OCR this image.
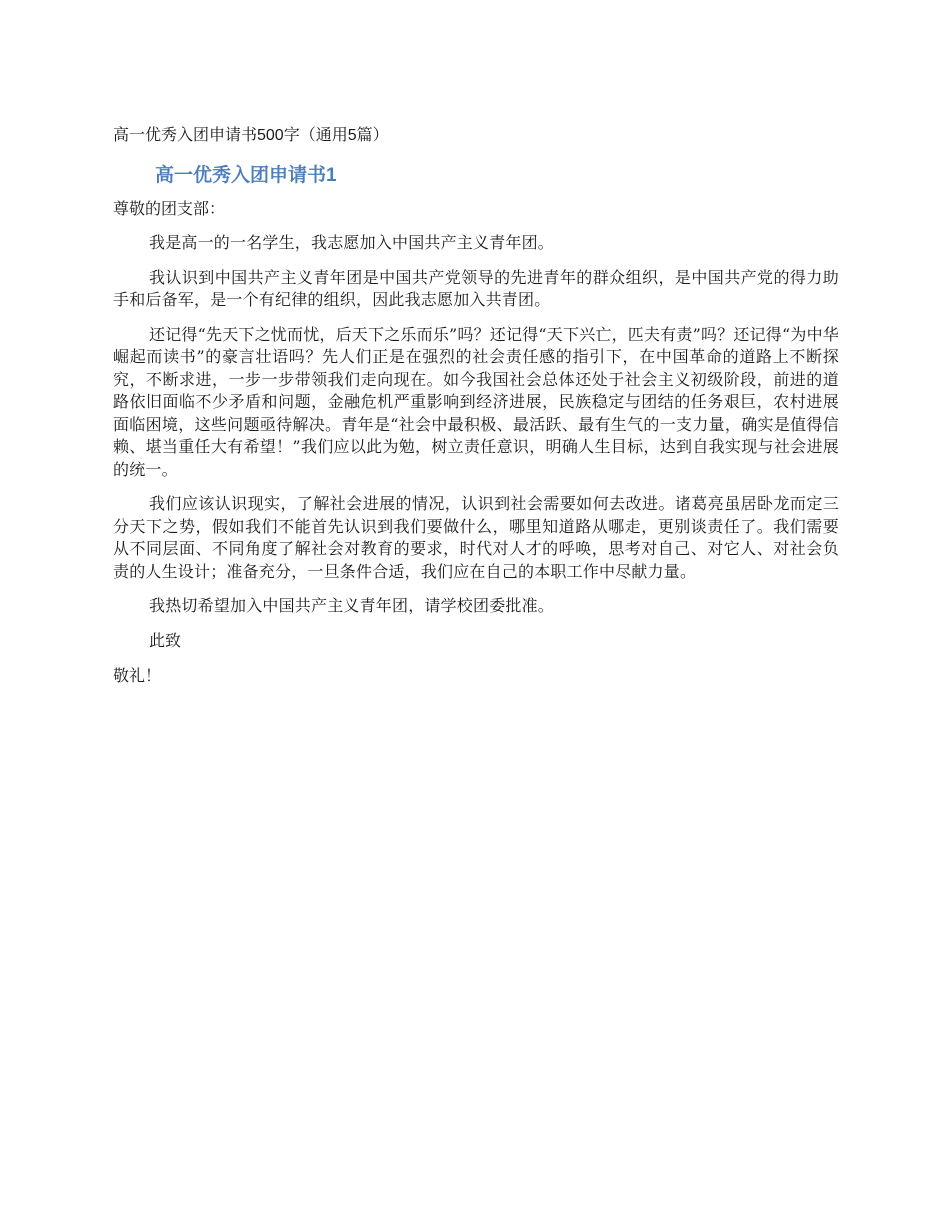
高一优秀入团申请书500字（通用5篇）
高一优秀入团申请书1
尊敬的团支部：

我是高一的一名学生，我志愿加入中国共产主义青年团。

我认识到中国共产主义青年团是中国共产党领导的先进青年的群众组织，是中国共产党的得力助手和后备军，是一个有纪律的组织，因此我志愿加入共青团。

还记得“先天下之忧而忧，后天下之乐而乐”吗？还记得“天下兴亡，匹夫有责”吗？还记得“为中华崛起而读书”的豪言壮语吗？先人们正是在强烈的社会责任感的指引下，在中国革命的道路上不断探究，不断求进，一步一步带领我们走向现在。如今我国社会总体还处于社会主义初级阶段，前进的道路依旧面临不少矛盾和问题，金融危机严重影响到经济进展，民族稳定与团结的任务艰巨，农村进展面临困境，这些问题亟待解决。青年是“社会中最积极、最活跃、最有生气的一支力量，确实是值得信赖、堪当重任大有希望！”我们应以此为勉，树立责任意识，明确人生目标，达到自我实现与社会进展的统一。

我们应该认识现实，了解社会进展的情况，认识到社会需要如何去改进。诸葛亮虽居卧龙而定三分天下之势，假如我们不能首先认识到我们要做什么，哪里知道路从哪走，更别谈责任了。我们需要从不同层面、不同角度了解社会对教育的要求，时代对人才的呼唤，思考对自己、对它人、对社会负责的人生设计；准备充分，一旦条件合适，我们应在自己的本职工作中尽献力量。

我热切希望加入中国共产主义青年团，请学校团委批准。

此致
敬礼！
